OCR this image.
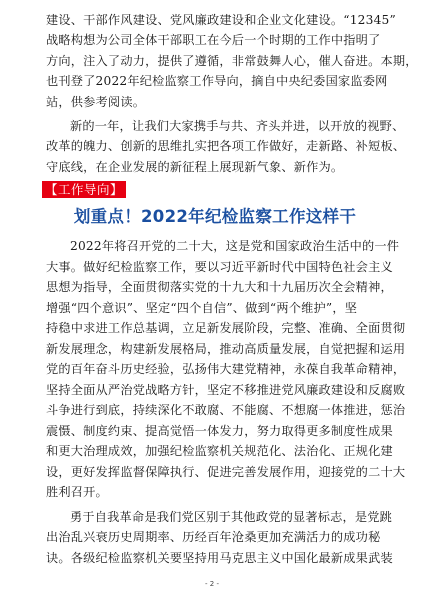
建设、干部作风建设、党风廉政建设和企业文化建设。“12345”
战略构想为公司全体干部职工在今后一个时期的工作中指明了
方向，注入了动力，提供了遵循，非常鼓舞人心，催人奋进。本期，
也刊登了2022年纪检监察工作导向，摘自中央纪委国家监委网
站，供参考阅读。
新的一年，让我们大家携手与共、齐头并进，以开放的视野、
改革的魄力、创新的思维扎实把各项工作做好，走新路、补短板、
守底线，在企业发展的新征程上展现新气象、新作为。
【工作导向】
划重点！2022年纪检监察工作这样干
2022年将召开党的二十大，这是党和国家政治生活中的一件
大事。做好纪检监察工作，要以习近平新时代中国特色社会主义
思想为指导，全面贯彻落实党的十九大和十九届历次全会精神，
增强“四个意识”、坚定“四个自信”、做到“两个维护”，坚
持稳中求进工作总基调，立足新发展阶段，完整、准确、全面贯彻
新发展理念，构建新发展格局，推动高质量发展，自觉把握和运用
党的百年奋斗历史经验，弘扬伟大建党精神，永葆自我革命精神，
坚持全面从严治党战略方针，坚定不移推进党风廉政建设和反腐败
斗争进行到底，持续深化不敢腐、不能腐、不想腐一体推进，惩治
震慑、制度约束、提高觉悟一体发力，努力取得更多制度性成果
和更大治理成效，加强纪检监察机关规范化、法治化、正规化建
设，更好发挥监督保障执行、促进完善发展作用，迎接党的二十大
胜利召开。
勇于自我革命是我们党区别于其他政党的显著标志，是党跳
出治乱兴衰历史周期率、历经百年沧桑更加充满活力的成功秘
诀。各级纪检监察机关要坚持用马克思主义中国化最新成果武装
- 2 -
